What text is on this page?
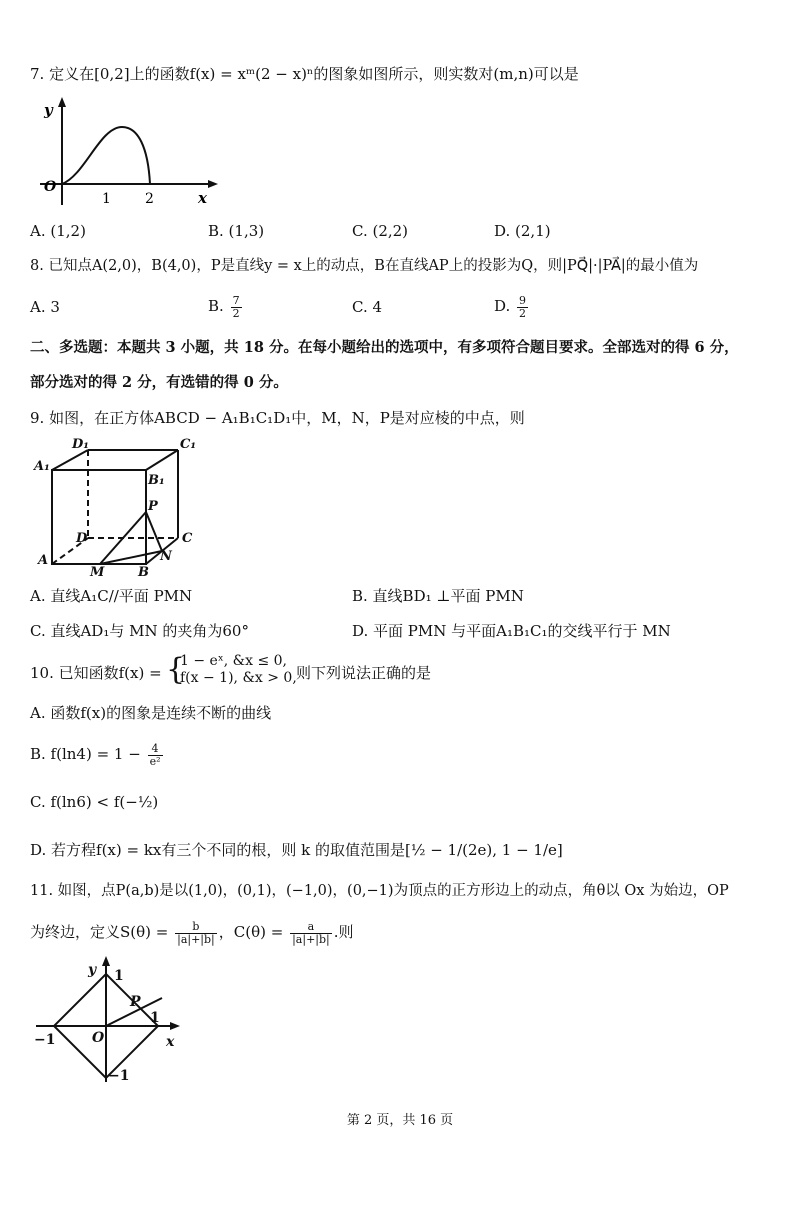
7. 定义在[0,2]上的函数f(x) = xᵐ(2 − x)ⁿ的图象如图所示，则实数对(m,n)可以是
y
O
x
1 2
A. (1,2)	B. (1,3)	C. (2,2)	D. (2,1)
8. 已知点A(2,0)，B(4,0)，P是直线y = x上的动点，B在直线AP上的投影为Q，则|PQ⃗|·|PA⃗|的最小值为
A. 3	B. $\frac{7}{2}$	C. 4	D. $\frac{9}{2}$
二、多选题：本题共 3 小题，共 18 分。在每小题给出的选项中，有多项符合题目要求。全部选对的得 6 分，
部分选对的得 2 分，有选错的得 0 分。
9. 如图，在正方体ABCD − A₁B₁C₁D₁中，M，N，P是对应棱的中点，则
D₁	C₁
A₁
B₁
P
D	C
A	N
M	B
A. 直线A₁C//平面 PMN	B. 直线BD₁ ⊥平面 PMN
C. 直线AD₁与 MN 的夹角为60°	D. 平面 PMN 与平面A₁B₁C₁的交线平行于 MN
10. 已知函数f(x) = {
1 − eˣ, &x ≤ 0,
f(x − 1), &x > 0, 则下列说法正确的是
A. 函数f(x)的图象是连续不断的曲线
B. $f(\ln 4) = 1 - \frac{4}{\text{e²}}$
C. f(ln6) < f(−½)
D. 若方程f(x) = kx有三个不同的根，则 k 的取值范围是[½ − 1/(2e), 1 − 1/e]
11. 如图，点P(a,b)是以(1,0)，(0,1)，(−1,0)，(0,−1)为顶点的正方形边上的动点，角θ以 Ox 为始边，OP
为终边，定义$S(\theta) = \frac{b}{|a|+|b|}$ ，$C(\theta) = \frac{a}{|a|+|b|}$ .则
y 1
P
1
−1	O	x
−1
第 2 页，共 16 页
